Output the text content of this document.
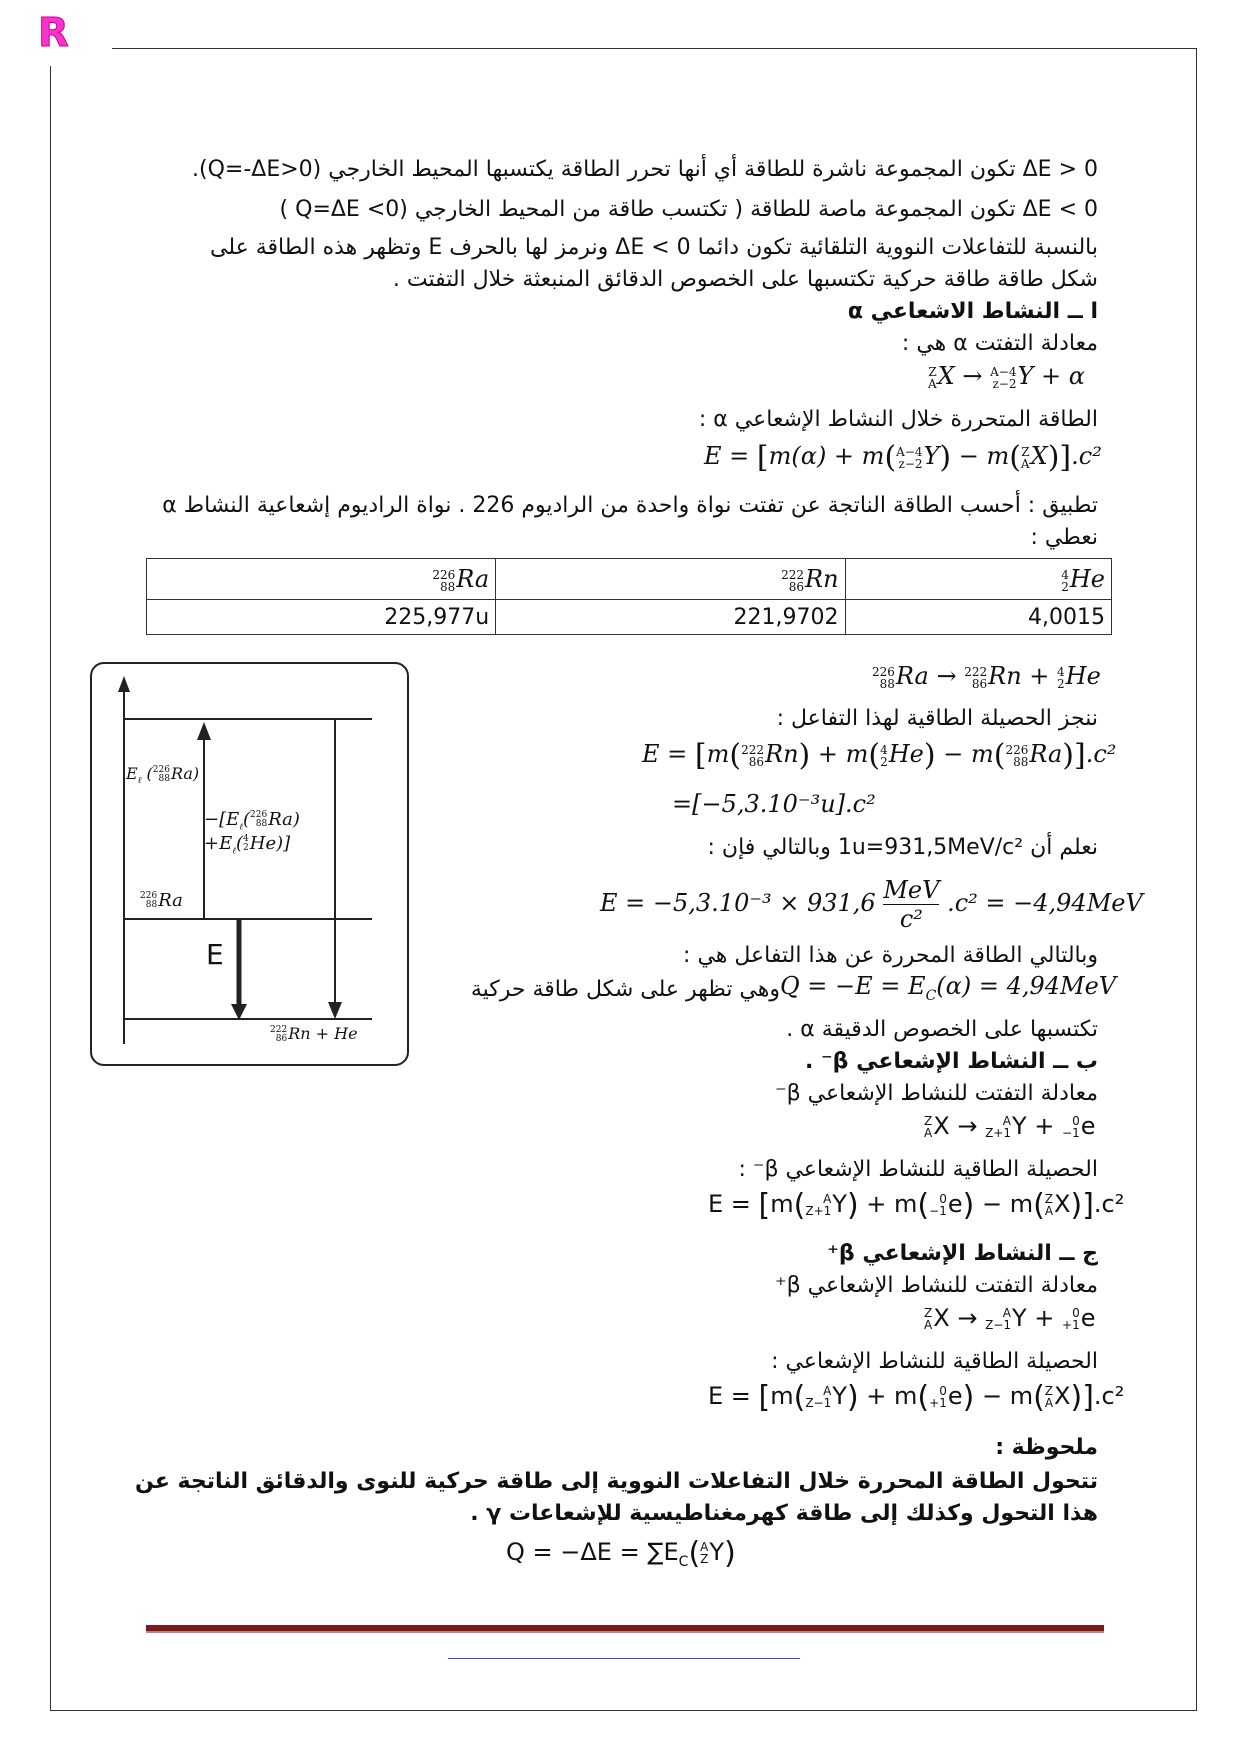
R
0 < ΔE تكون المجموعة ناشرة للطاقة أي أنها تحرر الطاقة يكتسبها المحيط الخارجي (Q=-ΔE>0).
0 > ΔE تكون المجموعة ماصة للطاقة ( تكتسب طاقة من المحيط الخارجي (Q=ΔE <0 )
بالنسبة للتفاعلات النووية التلقائية تكون دائما ΔE < 0 ونرمز لها بالحرف E وتظهر هذه الطاقة على
شكل طاقة طاقة حركية تكتسبها على الخصوص الدقائق المنبعثة خلال التفتت .
ا ــ النشاط الاشعاعي α
معادلة التفتت α هي :
Z
A X → A−4
z−2 Y + α
الطاقة المتحررة خلال النشاط الإشعاعي α :
E = [m(α) + m( A−4
z−2 Y) − m( Z
A X)].c²
تطبيق : أحسب الطاقة الناتجة عن تفتت نواة واحدة من الراديوم 226 . نواة الراديوم إشعاعية النشاط α
نعطي :
226
88 Ra	222
86 Rn	4
2 He
225,977u	221,9702	4,0015
$E_\ell$ ( 226
88 Ra)
$-[E_\ell$( 226
88 Ra)
$+E_\ell$( 4
2 He)]
226
88 Ra
E
222
86 Rn + He
226
88 Ra → 222
86 Rn + 4
2 He
ننجز الحصيلة الطاقية لهذا التفاعل :
E = [m( 222
86 Rn) + m( 4
2 He) − m( 226
88 Ra)].c²
=[−5,3.10⁻³u].c²
نعلم أن 1u=931,5MeV/c² وبالتالي فإن :
E = −5,3.10⁻³ × 931,6 MeV
c²
.c² = −4,94MeV
وبالتالي الطاقة المحررة عن هذا التفاعل هي :
$Q = -E = E_C(\alpha) = 4,94MeV$
وهي تظهر على شكل طاقة حركية
تكتسبها على الخصوص الدقيقة α .
ب ــ النشاط الإشعاعي β⁻ .
معادلة التفتت للنشاط الإشعاعي β⁻
Z
A X →	A
Z+1 Y + 0
−1 e
الحصيلة الطاقية للنشاط الإشعاعي β⁻ :
E = [m(	A
Z+1 Y) + m( 0
−1 e) − m( Z
A X)].c²
ج ــ النشاط الإشعاعي β⁺
معادلة التفتت للنشاط الإشعاعي β⁺
Z
A X →	A
Z−1 Y + 0
+1 e
الحصيلة الطاقية للنشاط الإشعاعي :
E = [m(	A
Z−1 Y) + m( 0
+1 e) − m( Z
A X)].c²
ملحوظة :
تتحول الطاقة المحررة خلال التفاعلات النووية إلى طاقة حركية للنوى والدقائق الناتجة عن
هذا التحول وكذلك إلى طاقة كهرمغناطيسية للإشعاعات γ .
$Q = -\Delta E = \sum E_C$( A
Z Y)
